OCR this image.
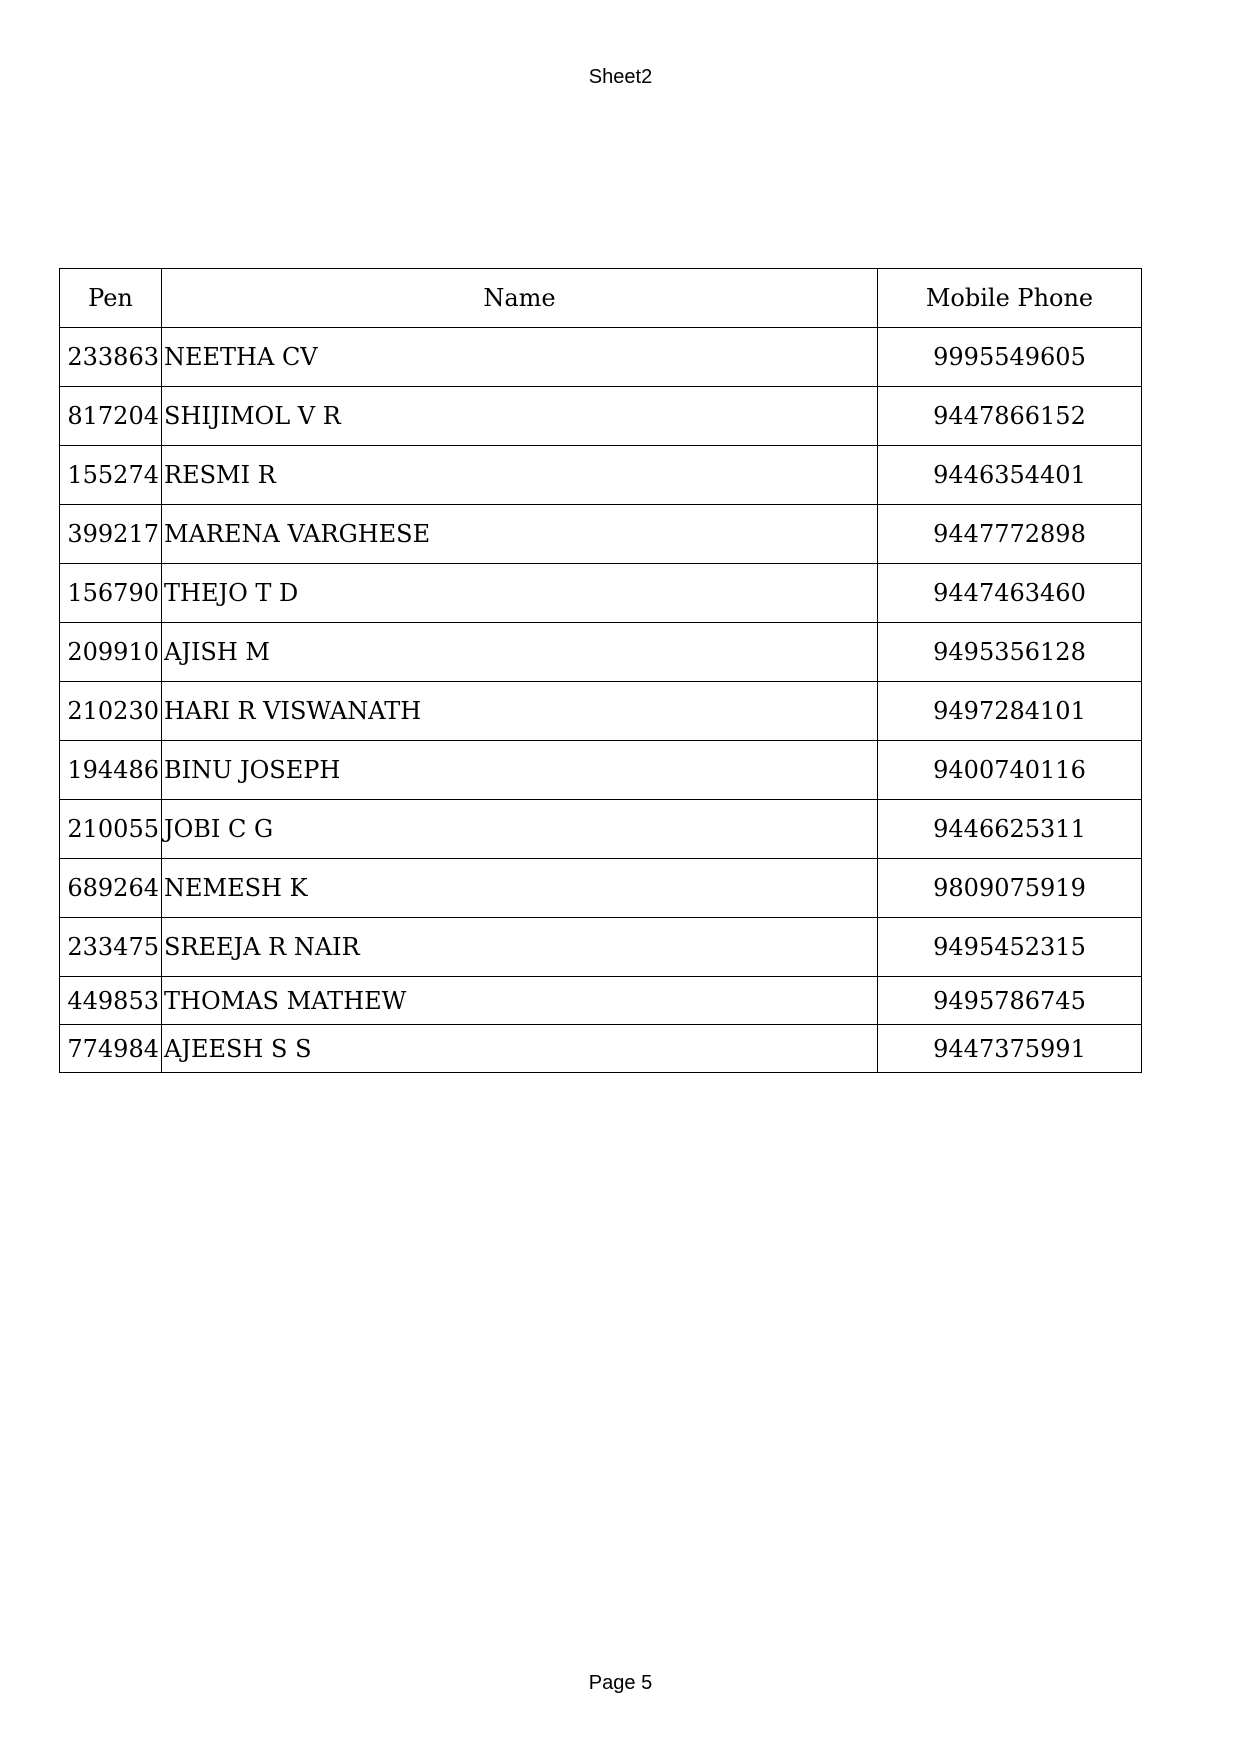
Sheet2
Pen	Name	Mobile Phone
233863	NEETHA CV	9995549605
817204	SHIJIMOL V R	9447866152
155274	RESMI R	9446354401
399217	MARENA VARGHESE	9447772898
156790	THEJO T D	9447463460
209910	AJISH M	9495356128
210230	HARI R VISWANATH	9497284101
194486	BINU JOSEPH	9400740116
210055	JOBI C G	9446625311
689264	NEMESH K	9809075919
233475	SREEJA R NAIR	9495452315
449853	THOMAS MATHEW	9495786745
774984	AJEESH S S	9447375991
Page 5
